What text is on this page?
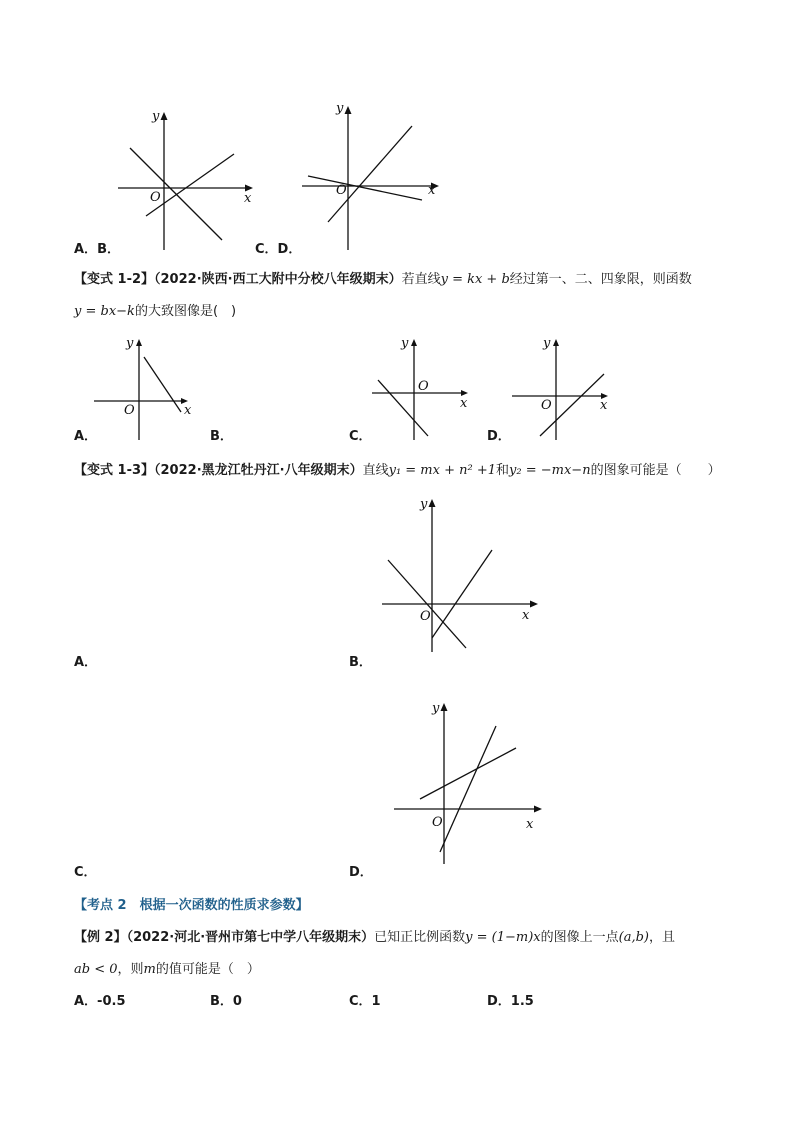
y
O	x
y
O	x
A．B．	C．D．
【变式 1-2】（2022·陕西·西工大附中分校八年级期末）若直线y = kx + b经过第一、二、四象限，则函数
y = bx−k的大致图像是(　)
y
O	x
y
O
x
y
O	x
A．	B．	C．	D．
【变式 1-3】（2022·黑龙江牡丹江·八年级期末）直线y₁ = mx + n² +1和y₂ = −mx−n的图象可能是（　　）
y
O	x
A．	B．
y
O	x
C．	D．
【考点 2　根据一次函数的性质求参数】
【例 2】（2022·河北·晋州市第七中学八年级期末）已知正比例函数y = (1−m)x的图像上一点(a,b)，且
ab < 0，则m的值可能是（　）
A．-0.5	B．0	C．1	D．1.5
